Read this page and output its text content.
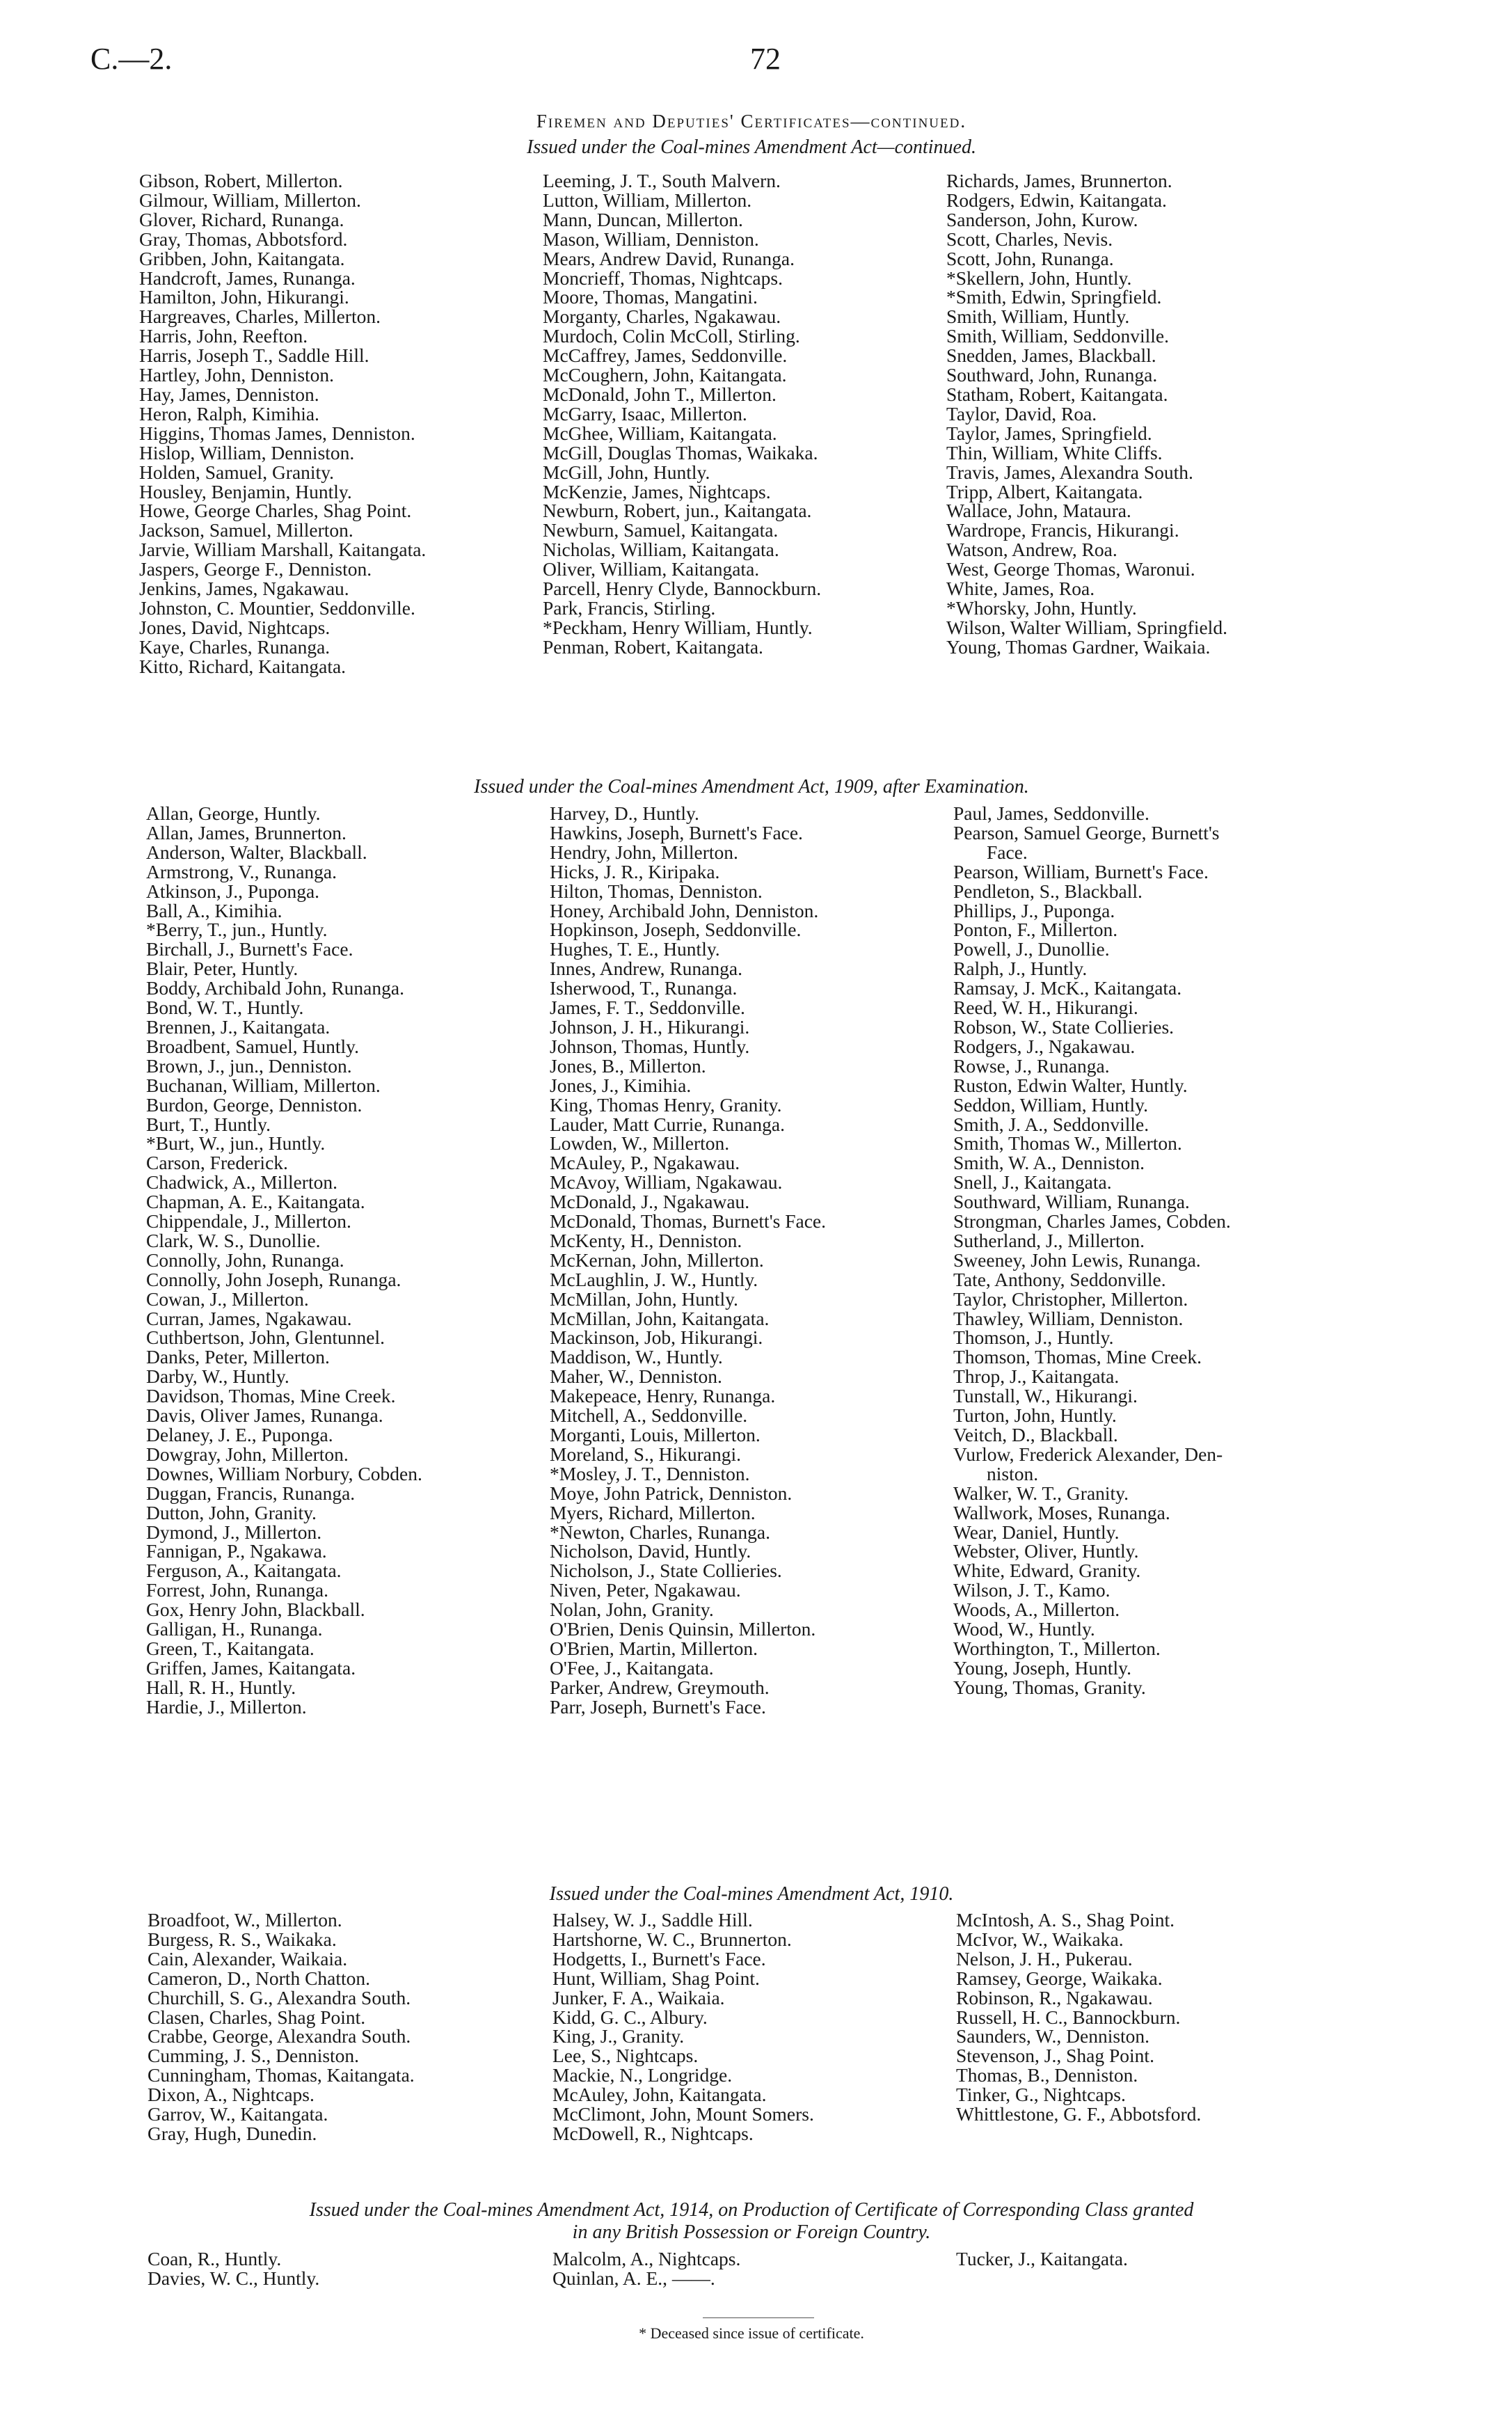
C.—2.	72
Firemen and Deputies' Certificates—continued.
Issued under the Coal-mines Amendment Act—continued.
Gibson, Robert, Millerton.
Gilmour, William, Millerton.
Glover, Richard, Runanga.
Gray, Thomas, Abbotsford.
Gribben, John, Kaitangata.
Handcroft, James, Runanga.
Hamilton, John, Hikurangi.
Hargreaves, Charles, Millerton.
Harris, John, Reefton.
Harris, Joseph T., Saddle Hill.
Hartley, John, Denniston.
Hay, James, Denniston.
Heron, Ralph, Kimihia.
Higgins, Thomas James, Denniston.
Hislop, William, Denniston.
Holden, Samuel, Granity.
Housley, Benjamin, Huntly.
Howe, George Charles, Shag Point.
Jackson, Samuel, Millerton.
Jarvie, William Marshall, Kaitangata.
Jaspers, George F., Denniston.
Jenkins, James, Ngakawau.
Johnston, C. Mountier, Seddonville.
Jones, David, Nightcaps.
Kaye, Charles, Runanga.
Kitto, Richard, Kaitangata.
Leeming, J. T., South Malvern.
Lutton, William, Millerton.
Mann, Duncan, Millerton.
Mason, William, Denniston.
Mears, Andrew David, Runanga.
Moncrieff, Thomas, Nightcaps.
Moore, Thomas, Mangatini.
Morganty, Charles, Ngakawau.
Murdoch, Colin McColl, Stirling.
McCaffrey, James, Seddonville.
McCoughern, John, Kaitangata.
McDonald, John T., Millerton.
McGarry, Isaac, Millerton.
McGhee, William, Kaitangata.
McGill, Douglas Thomas, Waikaka.
McGill, John, Huntly.
McKenzie, James, Nightcaps.
Newburn, Robert, jun., Kaitangata.
Newburn, Samuel, Kaitangata.
Nicholas, William, Kaitangata.
Oliver, William, Kaitangata.
Parcell, Henry Clyde, Bannockburn.
Park, Francis, Stirling.
*Peckham, Henry William, Huntly.
Penman, Robert, Kaitangata.
Richards, James, Brunnerton.
Rodgers, Edwin, Kaitangata.
Sanderson, John, Kurow.
Scott, Charles, Nevis.
Scott, John, Runanga.
*Skellern, John, Huntly.
*Smith, Edwin, Springfield.
Smith, William, Huntly.
Smith, William, Seddonville.
Snedden, James, Blackball.
Southward, John, Runanga.
Statham, Robert, Kaitangata.
Taylor, David, Roa.
Taylor, James, Springfield.
Thin, William, White Cliffs.
Travis, James, Alexandra South.
Tripp, Albert, Kaitangata.
Wallace, John, Mataura.
Wardrope, Francis, Hikurangi.
Watson, Andrew, Roa.
West, George Thomas, Waronui.
White, James, Roa.
*Whorsky, John, Huntly.
Wilson, Walter William, Springfield.
Young, Thomas Gardner, Waikaia.
Issued under the Coal-mines Amendment Act, 1909, after Examination.
Allan, George, Huntly.
Allan, James, Brunnerton.
Anderson, Walter, Blackball.
Armstrong, V., Runanga.
Atkinson, J., Puponga.
Ball, A., Kimihia.
*Berry, T., jun., Huntly.
Birchall, J., Burnett's Face.
Blair, Peter, Huntly.
Boddy, Archibald John, Runanga.
Bond, W. T., Huntly.
Brennen, J., Kaitangata.
Broadbent, Samuel, Huntly.
Brown, J., jun., Denniston.
Buchanan, William, Millerton.
Burdon, George, Denniston.
Burt, T., Huntly.
*Burt, W., jun., Huntly.
Carson, Frederick.
Chadwick, A., Millerton.
Chapman, A. E., Kaitangata.
Chippendale, J., Millerton.
Clark, W. S., Dunollie.
Connolly, John, Runanga.
Connolly, John Joseph, Runanga.
Cowan, J., Millerton.
Curran, James, Ngakawau.
Cuthbertson, John, Glentunnel.
Danks, Peter, Millerton.
Darby, W., Huntly.
Davidson, Thomas, Mine Creek.
Davis, Oliver James, Runanga.
Delaney, J. E., Puponga.
Dowgray, John, Millerton.
Downes, William Norbury, Cobden.
Duggan, Francis, Runanga.
Dutton, John, Granity.
Dymond, J., Millerton.
Fannigan, P., Ngakawa.
Ferguson, A., Kaitangata.
Forrest, John, Runanga.
Gox, Henry John, Blackball.
Galligan, H., Runanga.
Green, T., Kaitangata.
Griffen, James, Kaitangata.
Hall, R. H., Huntly.
Hardie, J., Millerton.
Harvey, D., Huntly.
Hawkins, Joseph, Burnett's Face.
Hendry, John, Millerton.
Hicks, J. R., Kiripaka.
Hilton, Thomas, Denniston.
Honey, Archibald John, Denniston.
Hopkinson, Joseph, Seddonville.
Hughes, T. E., Huntly.
Innes, Andrew, Runanga.
Isherwood, T., Runanga.
James, F. T., Seddonville.
Johnson, J. H., Hikurangi.
Johnson, Thomas, Huntly.
Jones, B., Millerton.
Jones, J., Kimihia.
King, Thomas Henry, Granity.
Lauder, Matt Currie, Runanga.
Lowden, W., Millerton.
McAuley, P., Ngakawau.
McAvoy, William, Ngakawau.
McDonald, J., Ngakawau.
McDonald, Thomas, Burnett's Face.
McKenty, H., Denniston.
McKernan, John, Millerton.
McLaughlin, J. W., Huntly.
McMillan, John, Huntly.
McMillan, John, Kaitangata.
Mackinson, Job, Hikurangi.
Maddison, W., Huntly.
Maher, W., Denniston.
Makepeace, Henry, Runanga.
Mitchell, A., Seddonville.
Morganti, Louis, Millerton.
Moreland, S., Hikurangi.
*Mosley, J. T., Denniston.
Moye, John Patrick, Denniston.
Myers, Richard, Millerton.
*Newton, Charles, Runanga.
Nicholson, David, Huntly.
Nicholson, J., State Collieries.
Niven, Peter, Ngakawau.
Nolan, John, Granity.
O'Brien, Denis Quinsin, Millerton.
O'Brien, Martin, Millerton.
O'Fee, J., Kaitangata.
Parker, Andrew, Greymouth.
Parr, Joseph, Burnett's Face.
Paul, James, Seddonville.
Pearson, Samuel George, Burnett's
Face.
Pearson, William, Burnett's Face.
Pendleton, S., Blackball.
Phillips, J., Puponga.
Ponton, F., Millerton.
Powell, J., Dunollie.
Ralph, J., Huntly.
Ramsay, J. McK., Kaitangata.
Reed, W. H., Hikurangi.
Robson, W., State Collieries.
Rodgers, J., Ngakawau.
Rowse, J., Runanga.
Ruston, Edwin Walter, Huntly.
Seddon, William, Huntly.
Smith, J. A., Seddonville.
Smith, Thomas W., Millerton.
Smith, W. A., Denniston.
Snell, J., Kaitangata.
Southward, William, Runanga.
Strongman, Charles James, Cobden.
Sutherland, J., Millerton.
Sweeney, John Lewis, Runanga.
Tate, Anthony, Seddonville.
Taylor, Christopher, Millerton.
Thawley, William, Denniston.
Thomson, J., Huntly.
Thomson, Thomas, Mine Creek.
Throp, J., Kaitangata.
Tunstall, W., Hikurangi.
Turton, John, Huntly.
Veitch, D., Blackball.
Vurlow, Frederick Alexander, Den-
niston.
Walker, W. T., Granity.
Wallwork, Moses, Runanga.
Wear, Daniel, Huntly.
Webster, Oliver, Huntly.
White, Edward, Granity.
Wilson, J. T., Kamo.
Woods, A., Millerton.
Wood, W., Huntly.
Worthington, T., Millerton.
Young, Joseph, Huntly.
Young, Thomas, Granity.
Issued under the Coal-mines Amendment Act, 1910.
Broadfoot, W., Millerton.
Burgess, R. S., Waikaka.
Cain, Alexander, Waikaia.
Cameron, D., North Chatton.
Churchill, S. G., Alexandra South.
Clasen, Charles, Shag Point.
Crabbe, George, Alexandra South.
Cumming, J. S., Denniston.
Cunningham, Thomas, Kaitangata.
Dixon, A., Nightcaps.
Garrov, W., Kaitangata.
Gray, Hugh, Dunedin.
Halsey, W. J., Saddle Hill.
Hartshorne, W. C., Brunnerton.
Hodgetts, I., Burnett's Face.
Hunt, William, Shag Point.
Junker, F. A., Waikaia.
Kidd, G. C., Albury.
King, J., Granity.
Lee, S., Nightcaps.
Mackie, N., Longridge.
McAuley, John, Kaitangata.
McClimont, John, Mount Somers.
McDowell, R., Nightcaps.
McIntosh, A. S., Shag Point.
McIvor, W., Waikaka.
Nelson, J. H., Pukerau.
Ramsey, George, Waikaka.
Robinson, R., Ngakawau.
Russell, H. C., Bannockburn.
Saunders, W., Denniston.
Stevenson, J., Shag Point.
Thomas, B., Denniston.
Tinker, G., Nightcaps.
Whittlestone, G. F., Abbotsford.
Issued under the Coal-mines Amendment Act, 1914, on Production of Certificate of Corresponding Class granted
in any British Possession or Foreign Country.
Coan, R., Huntly.
Davies, W. C., Huntly.
Malcolm, A., Nightcaps.
Quinlan, A. E., ——.
Tucker, J., Kaitangata.
* Deceased since issue of certificate.
